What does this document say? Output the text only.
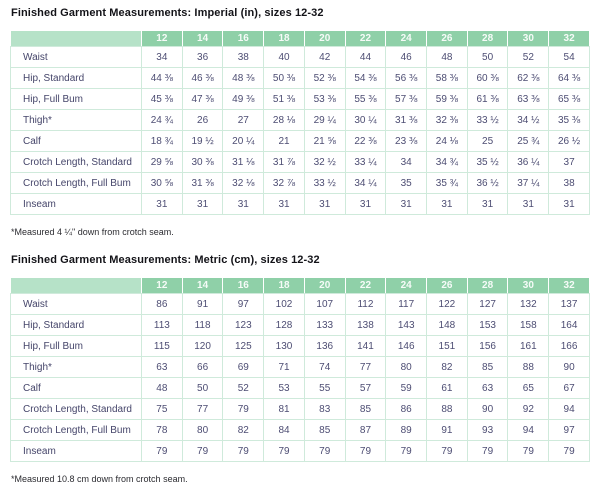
Finished Garment Measurements: Imperial (in), sizes 12-32
	12	14	16	18	20	22	24	26	28	30	32
Waist	34	36	38	40	42	44	46	48	50	52	54
Hip, Standard	44 ⅜	46 ⅜	48 ⅜	50 ⅜	52 ⅜	54 ⅜	56 ⅜	58 ⅜	60 ⅜	62 ⅜	64 ⅜
Hip, Full Bum	45 ⅜	47 ⅜	49 ⅜	51 ⅜	53 ⅜	55 ⅜	57 ⅜	59 ⅜	61 ⅜	63 ⅜	65 ⅜
Thigh*	24 ¾	26	27	28 ⅛	29 ¼	30 ¼	31 ⅜	32 ⅜	33 ½	34 ½	35 ⅜
Calf	18 ¾	19 ½	20 ¼	21	21 ⅝	22 ⅜	23 ⅜	24 ⅛	25	25 ¾	26 ½
Crotch Length, Standard	29 ⅝	30 ⅜	31 ⅛	31 ⅞	32 ½	33 ¼	34	34 ¾	35 ½	36 ¼	37
Crotch Length, Full Bum	30 ⅝	31 ⅜	32 ⅛	32 ⅞	33 ½	34 ¼	35	35 ¾	36 ½	37 ¼	38
Inseam	31	31	31	31	31	31	31	31	31	31	31

*Measured 4 ¼" down from crotch seam.

Finished Garment Measurements: Metric (cm), sizes 12-32
	12	14	16	18	20	22	24	26	28	30	32
Waist	86	91	97	102	107	112	117	122	127	132	137
Hip, Standard	113	118	123	128	133	138	143	148	153	158	164
Hip, Full Bum	115	120	125	130	136	141	146	151	156	161	166
Thigh*	63	66	69	71	74	77	80	82	85	88	90
Calf	48	50	52	53	55	57	59	61	63	65	67
Crotch Length, Standard	75	77	79	81	83	85	86	88	90	92	94
Crotch Length, Full Bum	78	80	82	84	85	87	89	91	93	94	97
Inseam	79	79	79	79	79	79	79	79	79	79	79

*Measured 10.8 cm down from crotch seam.
